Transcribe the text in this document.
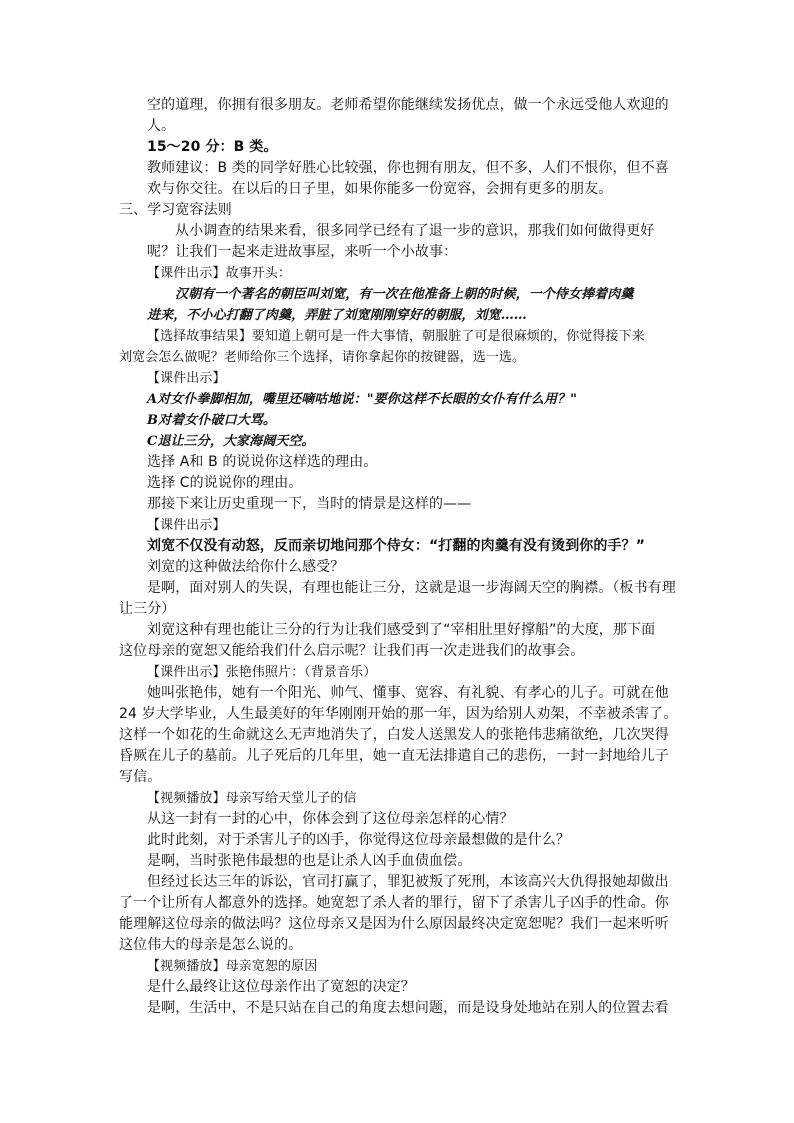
空的道理，你拥有很多朋友。老师希望你能继续发扬优点，做一个永远受他人欢迎的
人。
15～20 分：B 类。
教师建议：B 类的同学好胜心比较强，你也拥有朋友，但不多，人们不恨你，但不喜
欢与你交往。在以后的日子里，如果你能多一份宽容，会拥有更多的朋友。
三、学习宽容法则
从小调查的结果来看，很多同学已经有了退一步的意识，那我们如何做得更好
呢？让我们一起来走进故事屋，来听一个小故事：
【课件出示】故事开头：
汉朝有一个著名的朝臣叫刘宽，有一次在他准备上朝的时候，一个侍女捧着肉羹
进来，不小心打翻了肉羹，弄脏了刘宽刚刚穿好的朝服，刘宽……
【选择故事结果】要知道上朝可是一件大事情，朝服脏了可是很麻烦的，你觉得接下来
刘宽会怎么做呢？老师给你三个选择，请你拿起你的按键器，选一选。
【课件出示】
A对女仆拳脚相加，嘴里还嘀咕地说："要你这样不长眼的女仆有什么用？"
B对着女仆破口大骂。
C退让三分，大家海阔天空。
选择 A和 B 的说说你这样选的理由。
选择 C的说说你的理由。
那接下来让历史重现一下，当时的情景是这样的——
【课件出示】
刘宽不仅没有动怒，反而亲切地问那个侍女：“打翻的肉羹有没有烫到你的手？”
刘宽的这种做法给你什么感受？
是啊，面对别人的失误，有理也能让三分，这就是退一步海阔天空的胸襟。（板书有理
让三分）
刘宽这种有理也能让三分的行为让我们感受到了“宰相肚里好撑船”的大度，那下面
这位母亲的宽恕又能给我们什么启示呢？让我们再一次走进我们的故事会。
【课件出示】张艳伟照片：（背景音乐）
她叫张艳伟，她有一个阳光、帅气、懂事、宽容、有礼貌、有孝心的儿子。可就在他
24 岁大学毕业，人生最美好的年华刚刚开始的那一年，因为给别人劝架，不幸被杀害了。
这样一个如花的生命就这么无声地消失了，白发人送黑发人的张艳伟悲痛欲绝，几次哭得
昏厥在儿子的墓前。儿子死后的几年里，她一直无法排遣自己的悲伤，一封一封地给儿子
写信。
【视频播放】母亲写给天堂儿子的信
从这一封有一封的心中，你体会到了这位母亲怎样的心情？
此时此刻，对于杀害儿子的凶手，你觉得这位母亲最想做的是什么？
是啊，当时张艳伟最想的也是让杀人凶手血债血偿。
但经过长达三年的诉讼，官司打赢了，罪犯被叛了死刑，本该高兴大仇得报她却做出
了一个让所有人都意外的选择。她宽恕了杀人者的罪行，留下了杀害儿子凶手的性命。你
能理解这位母亲的做法吗？这位母亲又是因为什么原因最终决定宽恕呢？我们一起来听听
这位伟大的母亲是怎么说的。
【视频播放】母亲宽恕的原因
是什么最终让这位母亲作出了宽恕的决定？
是啊，生活中，不是只站在自己的角度去想问题，而是设身处地站在别人的位置去看
